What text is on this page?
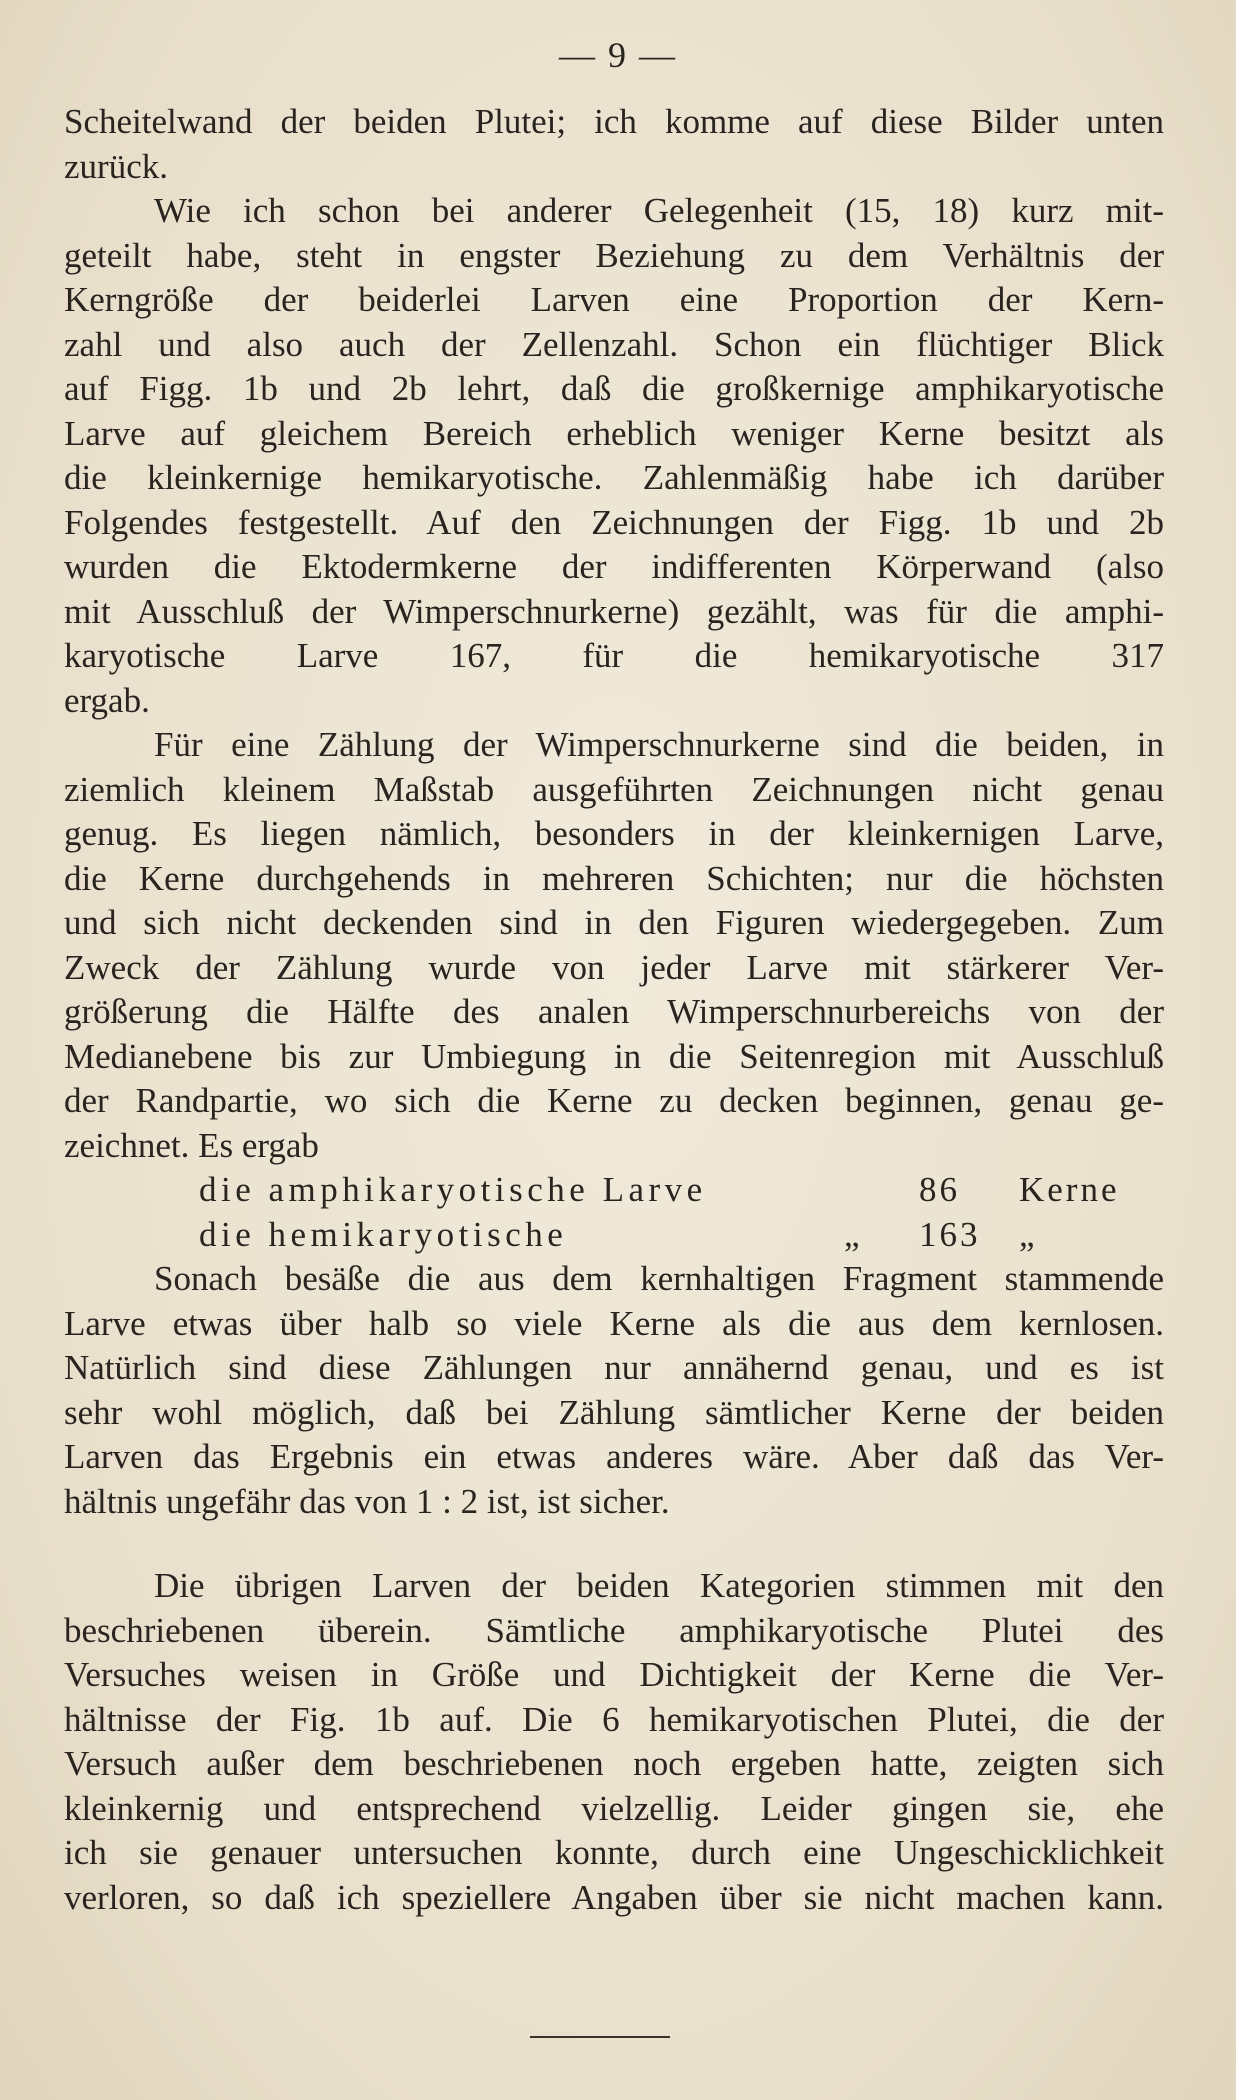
— 9 —
Scheitelwand der beiden Plutei; ich komme auf diese Bilder unten
zurück.
Wie ich schon bei anderer Gelegenheit (15, 18) kurz mit-
geteilt habe, steht in engster Beziehung zu dem Verhältnis der
Kerngröße der beiderlei Larven eine Proportion der Kern-
zahl und also auch der Zellenzahl. Schon ein flüchtiger Blick
auf Figg. 1b und 2b lehrt, daß die großkernige amphikaryotische
Larve auf gleichem Bereich erheblich weniger Kerne besitzt als
die kleinkernige hemikaryotische. Zahlenmäßig habe ich darüber
Folgendes festgestellt. Auf den Zeichnungen der Figg. 1b und 2b
wurden die Ektodermkerne der indifferenten Körperwand (also
mit Ausschluß der Wimperschnurkerne) gezählt, was für die amphi-
karyotische Larve 167, für die hemikaryotische 317
ergab.
Für eine Zählung der Wimperschnurkerne sind die beiden, in
ziemlich kleinem Maßstab ausgeführten Zeichnungen nicht genau
genug. Es liegen nämlich, besonders in der kleinkernigen Larve,
die Kerne durchgehends in mehreren Schichten; nur die höchsten
und sich nicht deckenden sind in den Figuren wiedergegeben. Zum
Zweck der Zählung wurde von jeder Larve mit stärkerer Ver-
größerung die Hälfte des analen Wimperschnurbereichs von der
Medianebene bis zur Umbiegung in die Seitenregion mit Ausschluß
der Randpartie, wo sich die Kerne zu decken beginnen, genau ge-
zeichnet. Es ergab
die amphikaryotische Larve	86	Kerne
die hemikaryotische	„	163	„
Sonach besäße die aus dem kernhaltigen Fragment stammende
Larve etwas über halb so viele Kerne als die aus dem kernlosen.
Natürlich sind diese Zählungen nur annähernd genau, und es ist
sehr wohl möglich, daß bei Zählung sämtlicher Kerne der beiden
Larven das Ergebnis ein etwas anderes wäre. Aber daß das Ver-
hältnis ungefähr das von 1 : 2 ist, ist sicher.
Die übrigen Larven der beiden Kategorien stimmen mit den
beschriebenen überein. Sämtliche amphikaryotische Plutei des
Versuches weisen in Größe und Dichtigkeit der Kerne die Ver-
hältnisse der Fig. 1b auf. Die 6 hemikaryotischen Plutei, die der
Versuch außer dem beschriebenen noch ergeben hatte, zeigten sich
kleinkernig und entsprechend vielzellig. Leider gingen sie, ehe
ich sie genauer untersuchen konnte, durch eine Ungeschicklichkeit
verloren, so daß ich speziellere Angaben über sie nicht machen kann.
